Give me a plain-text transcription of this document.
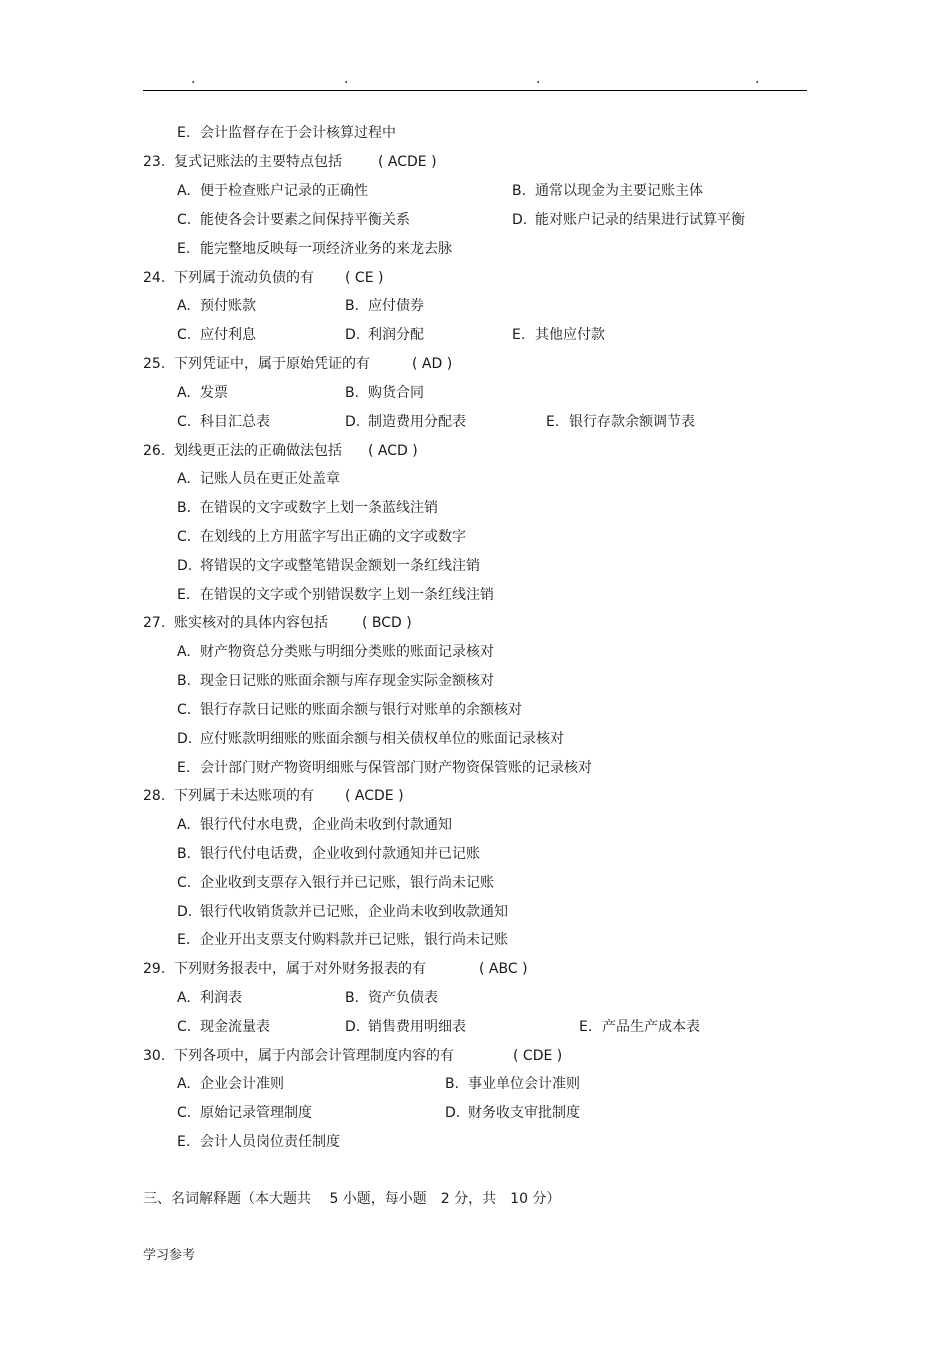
.	.	.	.
E. 会计监督存在于会计核算过程中
23. 复式记账法的主要特点包括	( ACDE )
A. 便于检查账户记录的正确性	B. 通常以现金为主要记账主体
C. 能使各会计要素之间保持平衡关系	D. 能对账户记录的结果进行试算平衡
E. 能完整地反映每一项经济业务的来龙去脉
24. 下列属于流动负债的有 ( CE )
A. 预付账款	B. 应付债券
C. 应付利息	D. 利润分配	E. 其他应付款
25. 下列凭证中，属于原始凭证的有	( AD )
A. 发票	B. 购货合同
C. 科目汇总表	D. 制造费用分配表	E. 银行存款余额调节表
26. 划线更正法的正确做法包括 ( ACD )
A. 记账人员在更正处盖章
B. 在错误的文字或数字上划一条蓝线注销
C. 在划线的上方用蓝字写出正确的文字或数字
D. 将错误的文字或整笔错误金额划一条红线注销
E. 在错误的文字或个别错误数字上划一条红线注销
27. 账实核对的具体内容包括 ( BCD )
A. 财产物资总分类账与明细分类账的账面记录核对
B. 现金日记账的账面余额与库存现金实际金额核对
C. 银行存款日记账的账面余额与银行对账单的余额核对
D. 应付账款明细账的账面余额与相关债权单位的账面记录核对
E. 会计部门财产物资明细账与保管部门财产物资保管账的记录核对
28. 下列属于未达账项的有 ( ACDE )
A. 银行代付水电费，企业尚未收到付款通知
B. 银行代付电话费，企业收到付款通知并已记账
C. 企业收到支票存入银行并已记账，银行尚未记账
D. 银行代收销货款并已记账，企业尚未收到收款通知
E. 企业开出支票支付购料款并已记账，银行尚未记账
29. 下列财务报表中，属于对外财务报表的有	( ABC )
A. 利润表	B. 资产负债表
C. 现金流量表	D. 销售费用明细表	E. 产品生产成本表
30. 下列各项中，属于内部会计管理制度内容的有	( CDE )
A. 企业会计准则	B. 事业单位会计准则
C. 原始记录管理制度	D. 财务收支审批制度
E. 会计人员岗位责任制度
三、名词解释题（本大题共　 5 小题，每小题　2 分，共　10 分）
学习参考
